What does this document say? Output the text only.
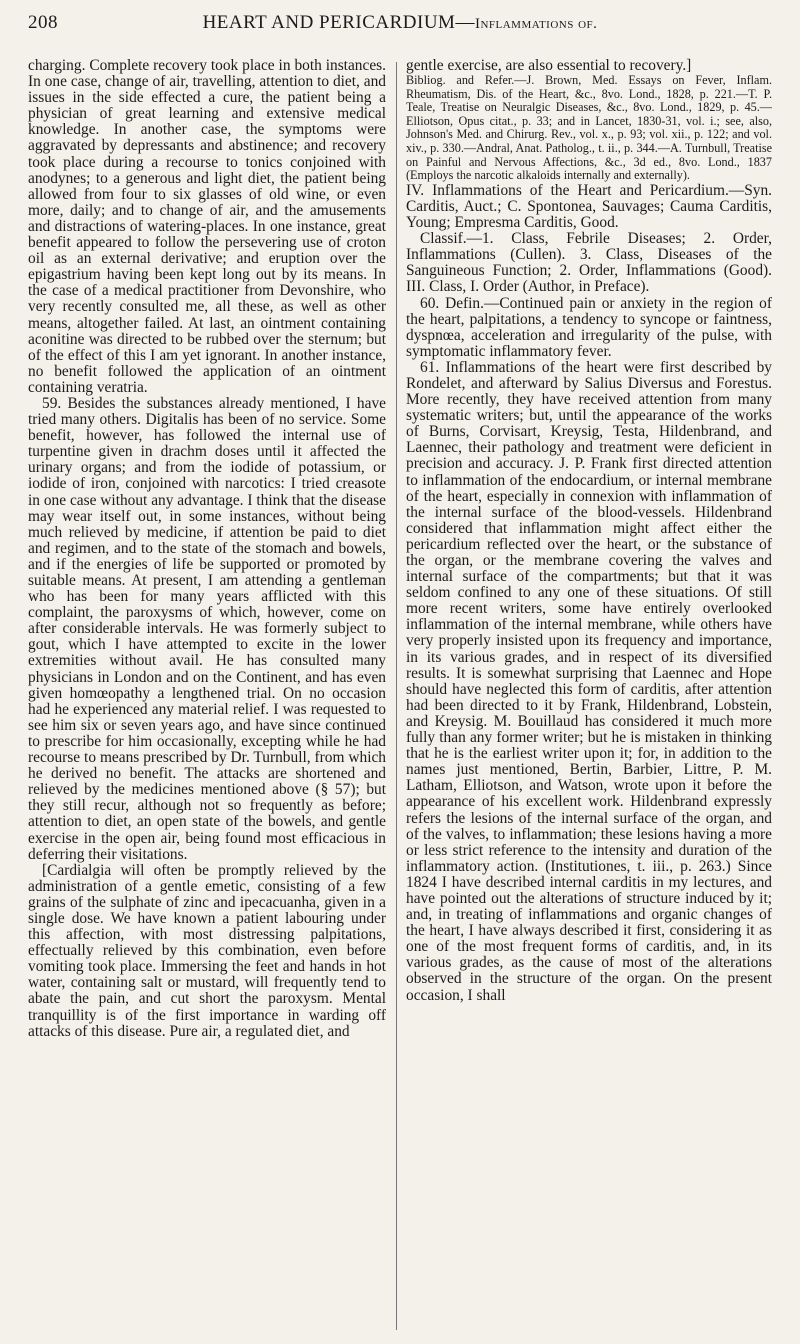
208	HEART AND PERICARDIUM—Inflammations of.

charging. Complete recovery took place in both instances. In one case, change of air, travelling, attention to diet, and issues in the side effected a cure, the patient being a physician of great learning and extensive medical knowledge. In another case, the symptoms were aggravated by depressants and abstinence; and recovery took place during a recourse to tonics conjoined with anodynes; to a generous and light diet, the patient being allowed from four to six glasses of old wine, or even more, daily; and to change of air, and the amusements and distractions of watering-places. In one instance, great benefit appeared to follow the persevering use of croton oil as an external derivative; and eruption over the epigastrium having been kept long out by its means. In the case of a medical practitioner from Devonshire, who very recently consulted me, all these, as well as other means, altogether failed. At last, an ointment containing aconitine was directed to be rubbed over the sternum; but of the effect of this I am yet ignorant. In another instance, no benefit followed the application of an ointment containing veratria.

59. Besides the substances already mentioned, I have tried many others. Digitalis has been of no service. Some benefit, however, has followed the internal use of turpentine given in drachm doses until it affected the urinary organs; and from the iodide of potassium, or iodide of iron, conjoined with narcotics: I tried creasote in one case without any advantage. I think that the disease may wear itself out, in some instances, without being much relieved by medicine, if attention be paid to diet and regimen, and to the state of the stomach and bowels, and if the energies of life be supported or promoted by suitable means. At present, I am attending a gentleman who has been for many years afflicted with this complaint, the paroxysms of which, however, come on after considerable intervals. He was formerly subject to gout, which I have attempted to excite in the lower extremities without avail. He has consulted many physicians in London and on the Continent, and has even given homœopathy a lengthened trial. On no occasion had he experienced any material relief. I was requested to see him six or seven years ago, and have since continued to prescribe for him occasionally, excepting while he had recourse to means prescribed by Dr. Turnbull, from which he derived no benefit. The attacks are shortened and relieved by the medicines mentioned above (§ 57); but they still recur, although not so frequently as before; attention to diet, an open state of the bowels, and gentle exercise in the open air, being found most efficacious in deferring their visitations.

[Cardialgia will often be promptly relieved by the administration of a gentle emetic, consisting of a few grains of the sulphate of zinc and ipecacuanha, given in a single dose. We have known a patient labouring under this affection, with most distressing palpitations, effectually relieved by this combination, even before vomiting took place. Immersing the feet and hands in hot water, containing salt or mustard, will frequently tend to abate the pain, and cut short the paroxysm. Mental tranquillity is of the first importance in warding off attacks of this disease. Pure air, a regulated diet, and

gentle exercise, are also essential to recovery.]

Bibliog. and Refer.—J. Brown, Med. Essays on Fever, Inflam. Rheumatism, Dis. of the Heart, &c., 8vo. Lond., 1828, p. 221.—T. P. Teale, Treatise on Neuralgic Diseases, &c., 8vo. Lond., 1829, p. 45.—Elliotson, Opus citat., p. 33; and in Lancet, 1830-31, vol. i.; see, also, Johnson's Med. and Chirurg. Rev., vol. x., p. 93; vol. xii., p. 122; and vol. xiv., p. 330.—Andral, Anat. Patholog., t. ii., p. 344.—A. Turnbull, Treatise on Painful and Nervous Affections, &c., 3d ed., 8vo. Lond., 1837 (Employs the narcotic alkaloids internally and externally).

IV. Inflammations of the Heart and Pericardium.—Syn. Carditis, Auct.; C. Spontonea, Sauvages; Cauma Carditis, Young; Empresma Carditis, Good.

Classif.—1. Class, Febrile Diseases; 2. Order, Inflammations (Cullen). 3. Class, Diseases of the Sanguineous Function; 2. Order, Inflammations (Good). III. Class, I. Order (Author, in Preface).

60. Defin.—Continued pain or anxiety in the region of the heart, palpitations, a tendency to syncope or faintness, dyspnœa, acceleration and irregularity of the pulse, with symptomatic inflammatory fever.

61. Inflammations of the heart were first described by Rondelet, and afterward by Salius Diversus and Forestus. More recently, they have received attention from many systematic writers; but, until the appearance of the works of Burns, Corvisart, Kreysig, Testa, Hildenbrand, and Laennec, their pathology and treatment were deficient in precision and accuracy. J. P. Frank first directed attention to inflammation of the endocardium, or internal membrane of the heart, especially in connexion with inflammation of the internal surface of the blood-vessels. Hildenbrand considered that inflammation might affect either the pericardium reflected over the heart, or the substance of the organ, or the membrane covering the valves and internal surface of the compartments; but that it was seldom confined to any one of these situations. Of still more recent writers, some have entirely overlooked inflammation of the internal membrane, while others have very properly insisted upon its frequency and importance, in its various grades, and in respect of its diversified results. It is somewhat surprising that Laennec and Hope should have neglected this form of carditis, after attention had been directed to it by Frank, Hildenbrand, Lobstein, and Kreysig. M. Bouillaud has considered it much more fully than any former writer; but he is mistaken in thinking that he is the earliest writer upon it; for, in addition to the names just mentioned, Bertin, Barbier, Littre, P. M. Latham, Elliotson, and Watson, wrote upon it before the appearance of his excellent work. Hildenbrand expressly refers the lesions of the internal surface of the organ, and of the valves, to inflammation; these lesions having a more or less strict reference to the intensity and duration of the inflammatory action. (Institutiones, t. iii., p. 263.) Since 1824 I have described internal carditis in my lectures, and have pointed out the alterations of structure induced by it; and, in treating of inflammations and organic changes of the heart, I have always described it first, considering it as one of the most frequent forms of carditis, and, in its various grades, as the cause of most of the alterations observed in the structure of the organ. On the present occasion, I shall
